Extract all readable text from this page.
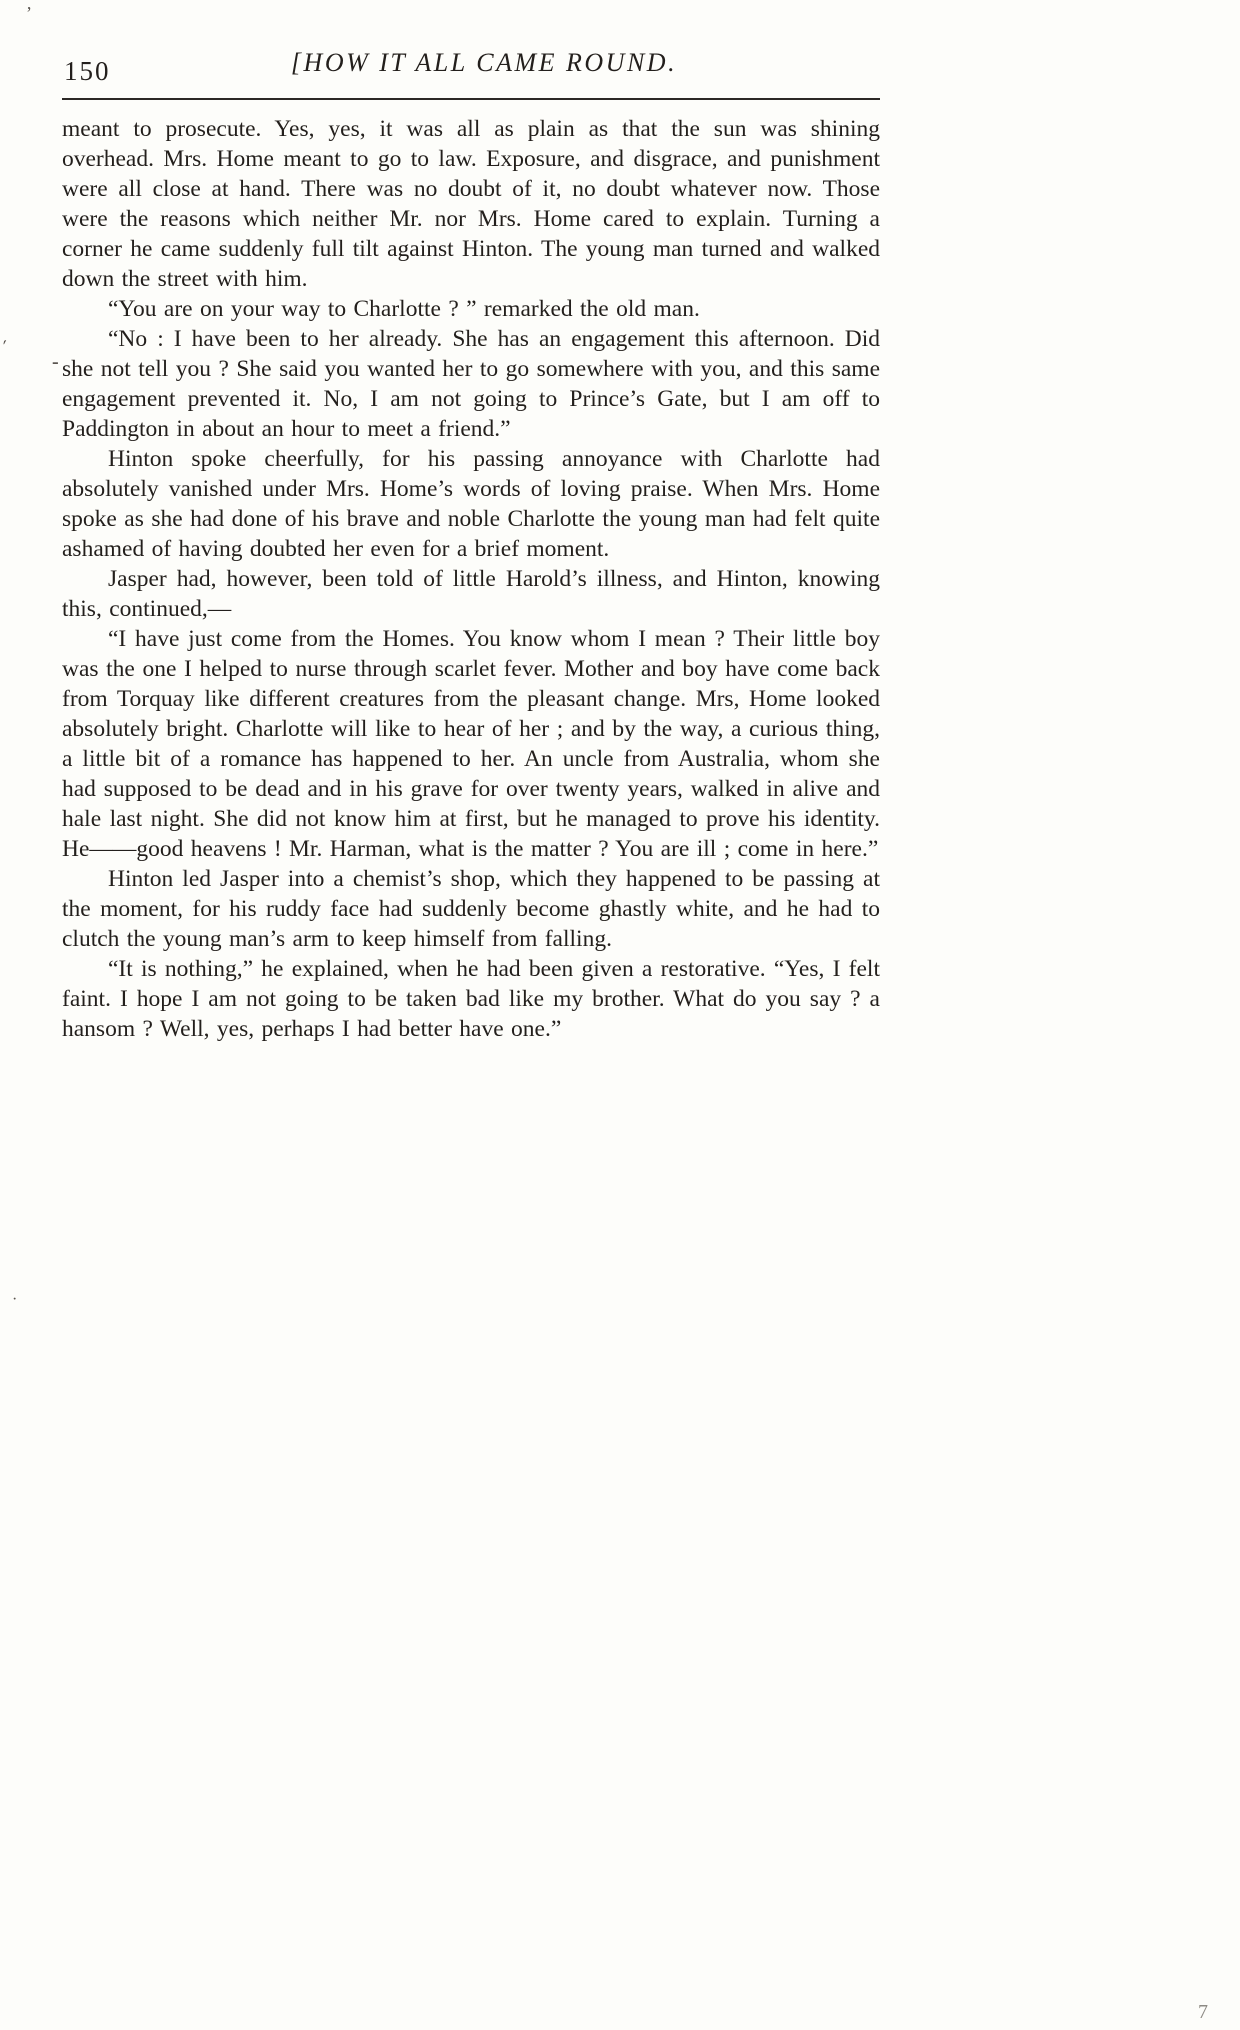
’
´
-
·
7
150	[HOW IT ALL CAME ROUND.

meant to prosecute. Yes, yes, it was all as plain as that the sun was shining overhead. Mrs. Home meant to go to law. Exposure, and disgrace, and punishment were all close at hand. There was no doubt of it, no doubt whatever now. Those were the reasons which neither Mr. nor Mrs. Home cared to explain. Turning a corner he came suddenly full tilt against Hinton. The young man turned and walked down the street with him.

“You are on your way to Charlotte ? ” remarked the old man.

“No : I have been to her already. She has an engagement this afternoon. Did she not tell you ? She said you wanted her to go somewhere with you, and this same engagement prevented it. No, I am not going to Prince’s Gate, but I am off to Paddington in about an hour to meet a friend.”

Hinton spoke cheerfully, for his passing annoyance with Charlotte had absolutely vanished under Mrs. Home’s words of loving praise. When Mrs. Home spoke as she had done of his brave and noble Charlotte the young man had felt quite ashamed of having doubted her even for a brief moment.

Jasper had, however, been told of little Harold’s illness, and Hinton, knowing this, continued,—

“I have just come from the Homes. You know whom I mean ? Their little boy was the one I helped to nurse through scarlet fever. Mother and boy have come back from Torquay like different creatures from the pleasant change. Mrs, Home looked absolutely bright. Charlotte will like to hear of her ; and by the way, a curious thing, a little bit of a romance has happened to her. An uncle from Australia, whom she had supposed to be dead and in his grave for over twenty years, walked in alive and hale last night. She did not know him at first, but he managed to prove his identity. He——good heavens ! Mr. Harman, what is the matter ? You are ill ; come in here.”

Hinton led Jasper into a chemist’s shop, which they happened to be passing at the moment, for his ruddy face had suddenly become ghastly white, and he had to clutch the young man’s arm to keep himself from falling.

“It is nothing,” he explained, when he had been given a restorative. “Yes, I felt faint. I hope I am not going to be taken bad like my brother. What do you say ? a hansom ? Well, yes, perhaps I had better have one.”
